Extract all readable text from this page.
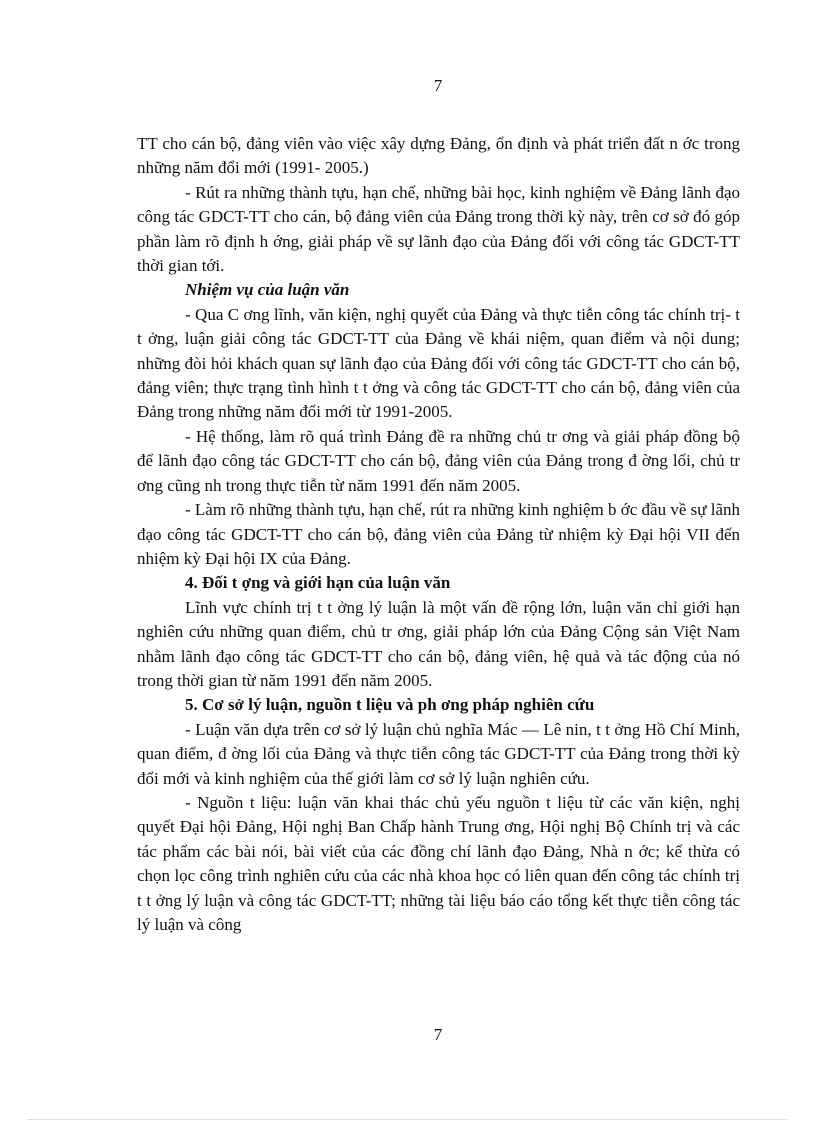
7

TT cho cán bộ, đảng viên vào việc xây dựng Đảng, ổn định và phát triển đất n ớc trong những năm đổi mới (1991- 2005.)

- Rút ra những thành tựu, hạn chế, những bài học, kinh nghiệm về Đảng lãnh đạo công tác GDCT-TT cho cán, bộ đảng viên của Đảng trong thời kỳ này, trên cơ sở đó góp phần làm rõ định h ớng, giải pháp về sự lãnh đạo của Đảng đối với công tác GDCT-TT thời gian tới.

Nhiệm vụ của luận văn

- Qua C ơng lĩnh, văn kiện, nghị quyết của Đảng và thực tiễn công tác chính trị- t t ởng, luận giải công tác GDCT-TT của Đảng về khái niệm, quan điểm và nội dung; những đòi hỏi khách quan sự lãnh đạo của Đảng đối với công tác GDCT-TT cho cán bộ, đảng viên; thực trạng tình hình t t ởng và công tác GDCT-TT cho cán bộ, đảng viên của Đảng trong những năm đổi mới từ 1991-2005.

- Hệ thống, làm rõ quá trình Đảng đề ra những chủ tr ơng và giải pháp đồng bộ để lãnh đạo công tác GDCT-TT cho cán bộ, đảng viên của Đảng trong đ ờng lối, chủ tr ơng cũng nh trong thực tiễn từ năm 1991 đến năm 2005.

- Làm rõ những thành tựu, hạn chế, rút ra những kinh nghiệm b ớc đầu về sự lãnh đạo công tác GDCT-TT cho cán bộ, đảng viên của Đảng từ nhiệm kỳ Đại hội VII đến nhiệm kỳ Đại hội IX của Đảng.

4. Đối t ợng và giới hạn của luận văn

Lĩnh vực chính trị t t ởng lý luận là một vấn đề rộng lớn, luận văn chỉ giới hạn nghiên cứu những quan điểm, chủ tr ơng, giải pháp lớn của Đảng Cộng sản Việt Nam nhằm lãnh đạo công tác GDCT-TT cho cán bộ, đảng viên, hệ quả và tác động của nó trong thời gian từ năm 1991 đến năm 2005.

5. Cơ sở lý luận, nguồn t liệu và ph ơng pháp nghiên cứu

- Luận văn dựa trên cơ sở lý luận chủ nghĩa Mác — Lê nin, t t ởng Hồ Chí Minh, quan điểm, đ ờng lối của Đảng và thực tiễn công tác GDCT-TT của Đảng trong thời kỳ đổi mới và kinh nghiệm của thế giới làm cơ sở lý luận nghiên cứu.

- Nguồn t liệu: luận văn khai thác chủ yếu nguồn t liệu từ các văn kiện, nghị quyết Đại hội Đảng, Hội nghị Ban Chấp hành Trung ơng, Hội nghị Bộ Chính trị và các tác phẩm các bài nói, bài viết của các đồng chí lãnh đạo Đảng, Nhà n ớc; kế thừa có chọn lọc công trình nghiên cứu của các nhà khoa học có liên quan đến công tác chính trị t t ởng lý luận và công tác GDCT-TT; những tài liệu báo cáo tổng kết thực tiễn công tác lý luận và công

7
